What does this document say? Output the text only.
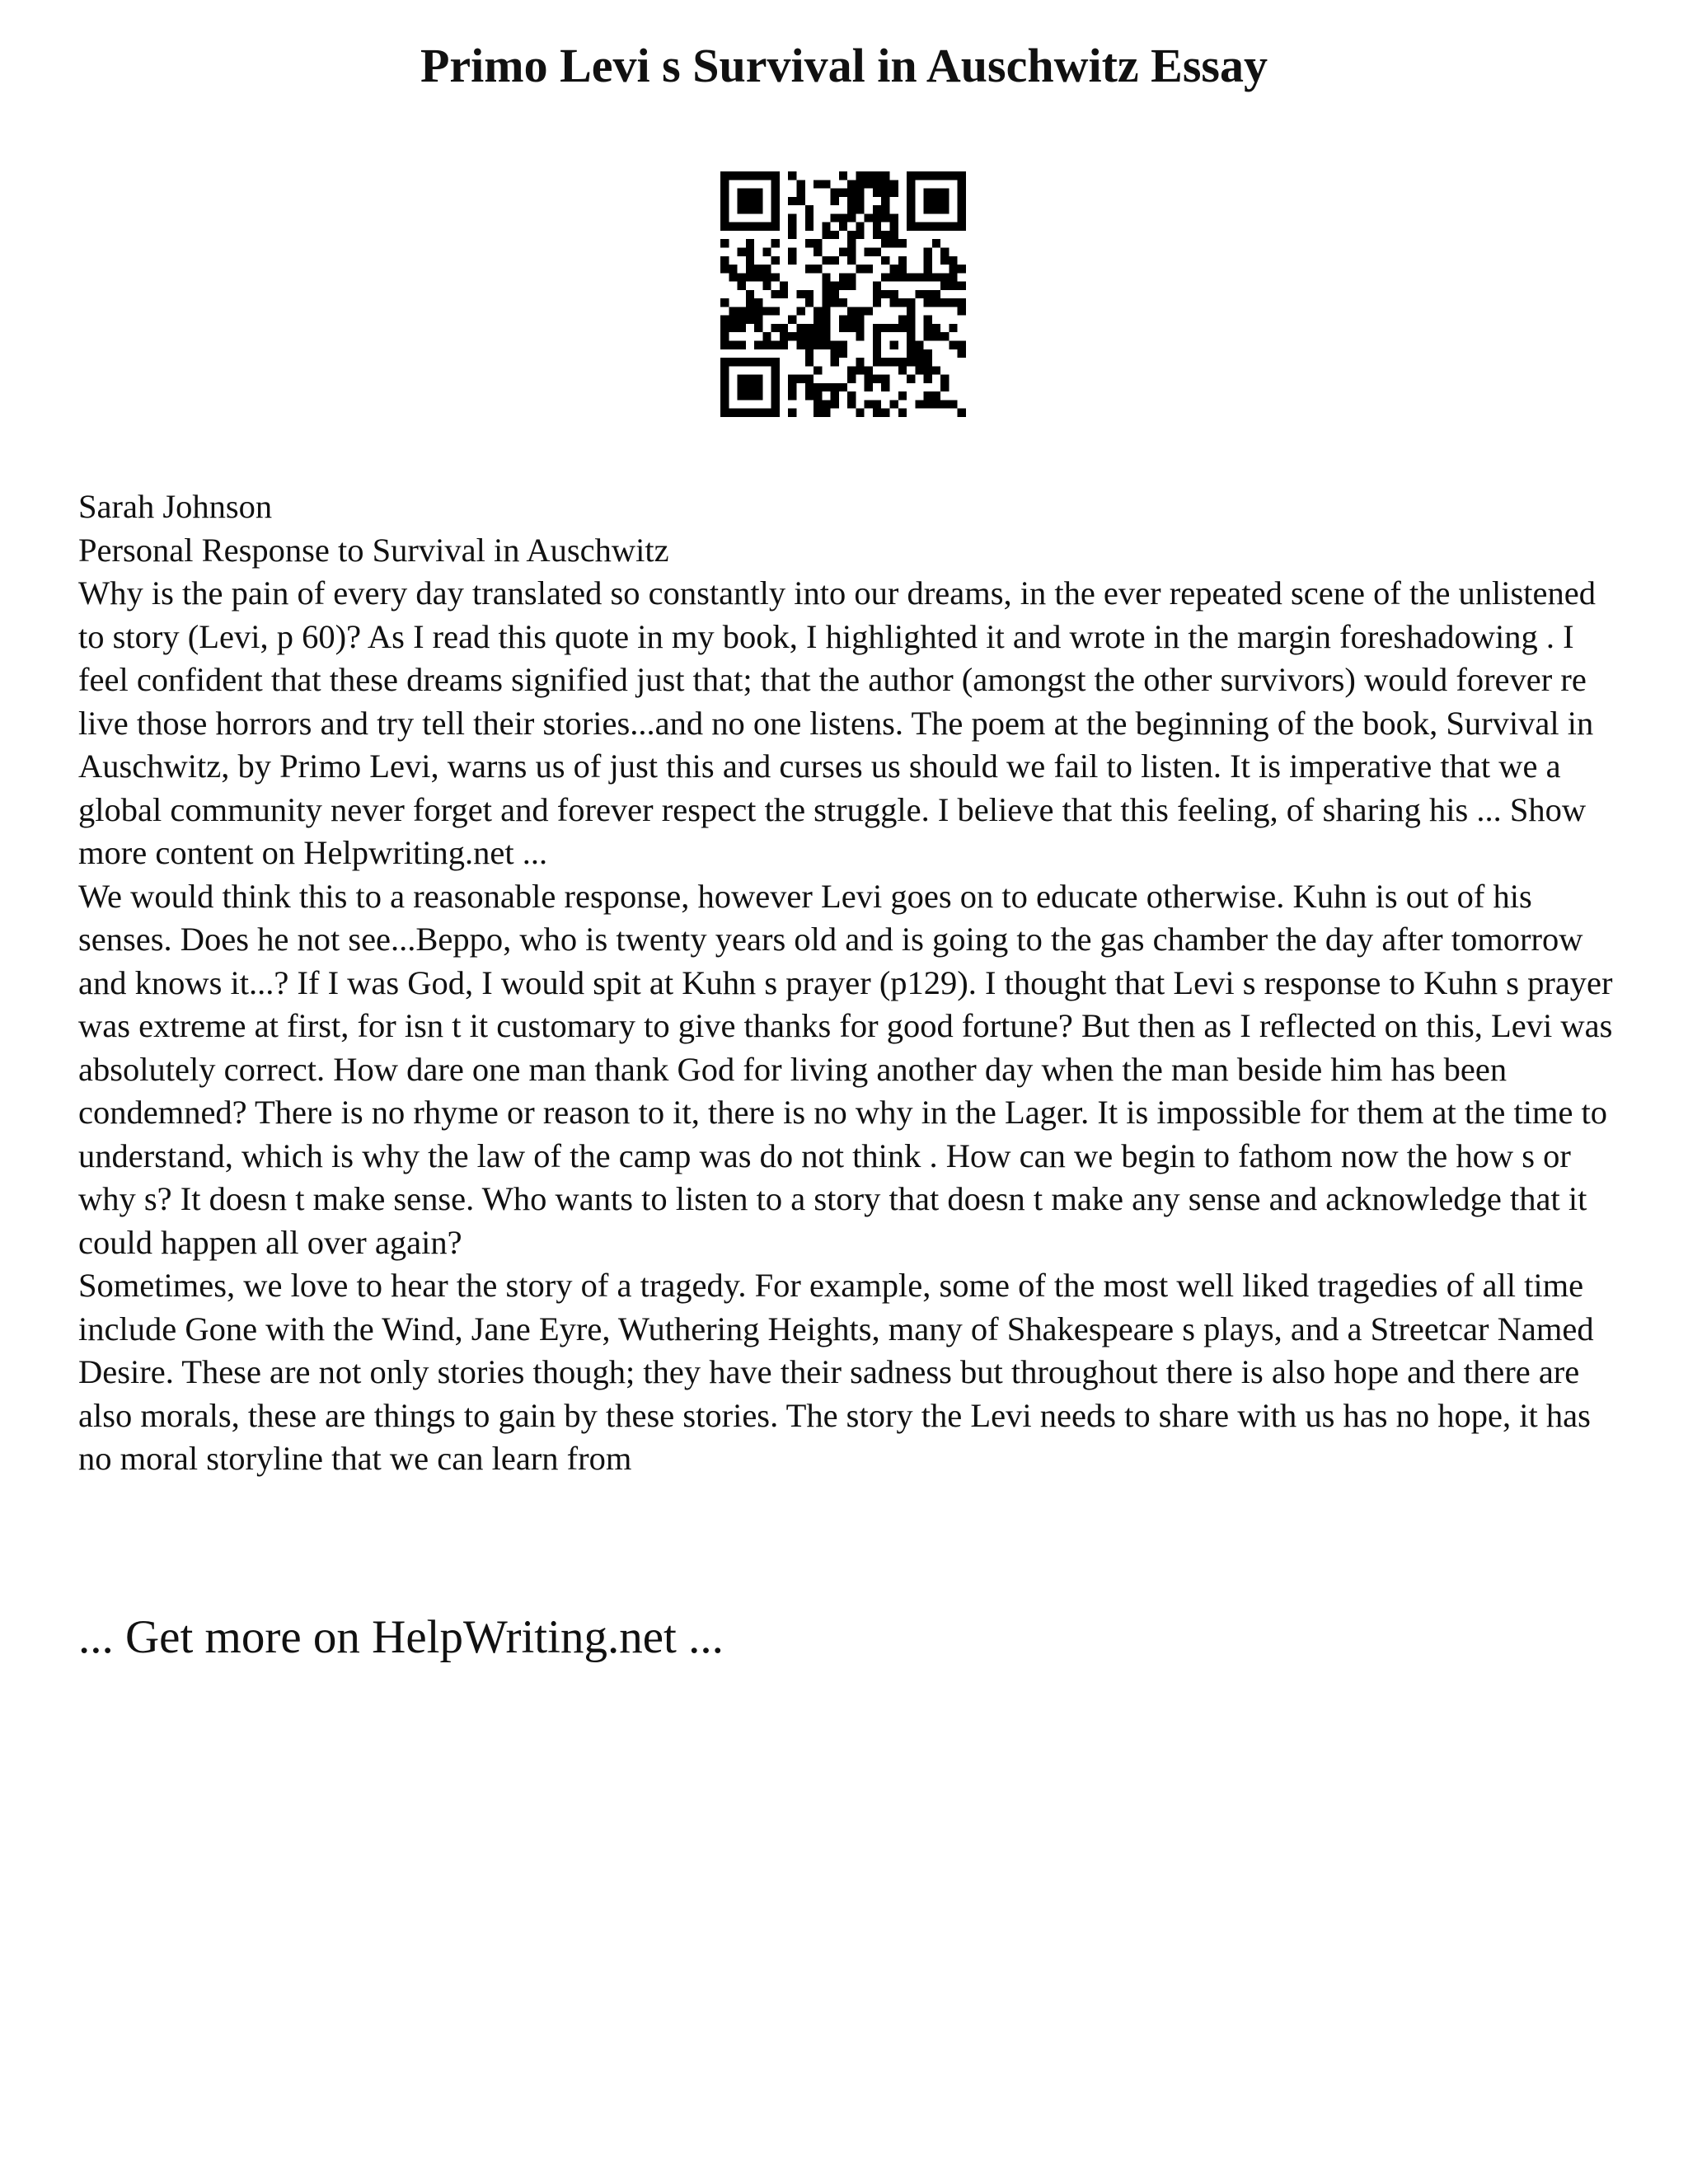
Primo Levi s Survival in Auschwitz Essay

Sarah Johnson

Personal Response to Survival in Auschwitz

Why is the pain of every day translated so constantly into our dreams, in the ever repeated scene of the unlistened to story (Levi, p 60)? As I read this quote in my book, I highlighted it and wrote in the margin foreshadowing . I feel confident that these dreams signified just that; that the author (amongst the other survivors) would forever re live those horrors and try tell their stories...and no one listens. The poem at the beginning of the book, Survival in Auschwitz, by Primo Levi, warns us of just this and curses us should we fail to listen. It is imperative that we a global community never forget and forever respect the struggle. I believe that this feeling, of sharing his ... Show more content on Helpwriting.net ...

We would think this to a reasonable response, however Levi goes on to educate otherwise. Kuhn is out of his senses. Does he not see...Beppo, who is twenty years old and is going to the gas chamber the day after tomorrow and knows it...? If I was God, I would spit at Kuhn s prayer (p129). I thought that Levi s response to Kuhn s prayer was extreme at first, for isn t it customary to give thanks for good fortune? But then as I reflected on this, Levi was absolutely correct. How dare one man thank God for living another day when the man beside him has been condemned? There is no rhyme or reason to it, there is no why in the Lager. It is impossible for them at the time to understand, which is why the law of the camp was do not think . How can we begin to fathom now the how s or why s? It doesn t make sense. Who wants to listen to a story that doesn t make any sense and acknowledge that it could happen all over again?

Sometimes, we love to hear the story of a tragedy. For example, some of the most well liked tragedies of all time include Gone with the Wind, Jane Eyre, Wuthering Heights, many of Shakespeare s plays, and a Streetcar Named Desire. These are not only stories though; they have their sadness but throughout there is also hope and there are also morals, these are things to gain by these stories. The story the Levi needs to share with us has no hope, it has no moral storyline that we can learn from

... Get more on HelpWriting.net ...
